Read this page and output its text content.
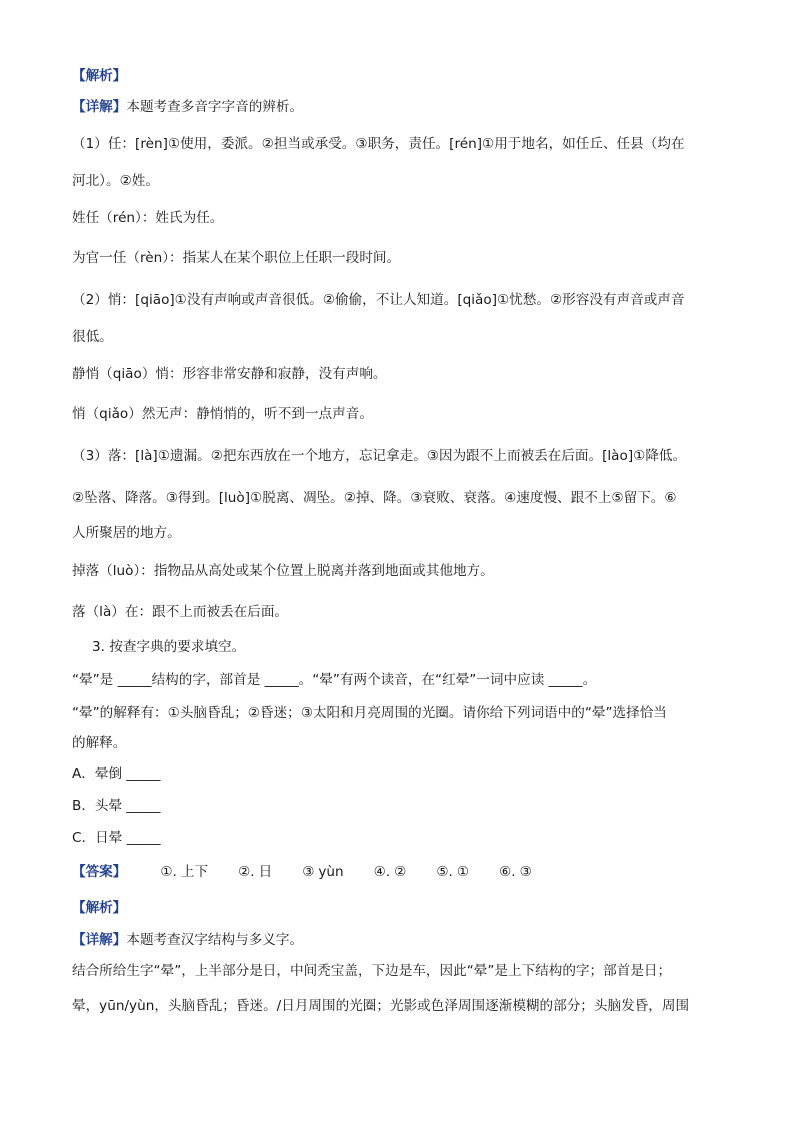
【解析】

【详解】本题考查多音字字音的辨析。

（1）任：[rèn]①使用，委派。②担当或承受。③职务，责任。[rén]①用于地名，如任丘、任县（均在

河北）。②姓。

姓任（rén）：姓氏为任。

为官一任（rèn）：指某人在某个职位上任职一段时间。

（2）悄：[qiāo]①没有声响或声音很低。②偷偷，不让人知道。[qiǎo]①忧愁。②形容没有声音或声音

很低。

静悄（qiāo）悄：形容非常安静和寂静，没有声响。

悄（qiǎo）然无声：静悄悄的，听不到一点声音。

（3）落：[là]①遗漏。②把东西放在一个地方，忘记拿走。③因为跟不上而被丢在后面。[lào]①降低。

②坠落、降落。③得到。[luò]①脱离、凋坠。②掉、降。③衰败、衰落。④速度慢、跟不上⑤留下。⑥

人所聚居的地方。

掉落（luò）：指物品从高处或某个位置上脱离并落到地面或其他地方。

落（là）在：跟不上而被丢在后面。

3. 按查字典的要求填空。

“晕”是 _____结构的字，部首是 _____。“晕”有两个读音，在“红晕”一词中应读 _____。

“晕”的解释有：①头脑昏乱；②昏迷；③太阳和月亮周围的光圈。请你给下列词语中的“晕”选择恰当

的解释。

A．晕倒 _____

B．头晕 _____

C．日晕 _____

【答案】	①. 上下 ②. 日 ③ yùn ④. ② ⑤. ① ⑥. ③

【解析】

【详解】本题考查汉字结构与多义字。

结合所给生字“晕”，上半部分是日，中间秃宝盖，下边是车，因此“晕”是上下结构的字；部首是日；

晕，yūn/yùn，头脑昏乱；昏迷。/日月周围的光圈；光影或色泽周围逐渐模糊的部分；头脑发昏，周围
